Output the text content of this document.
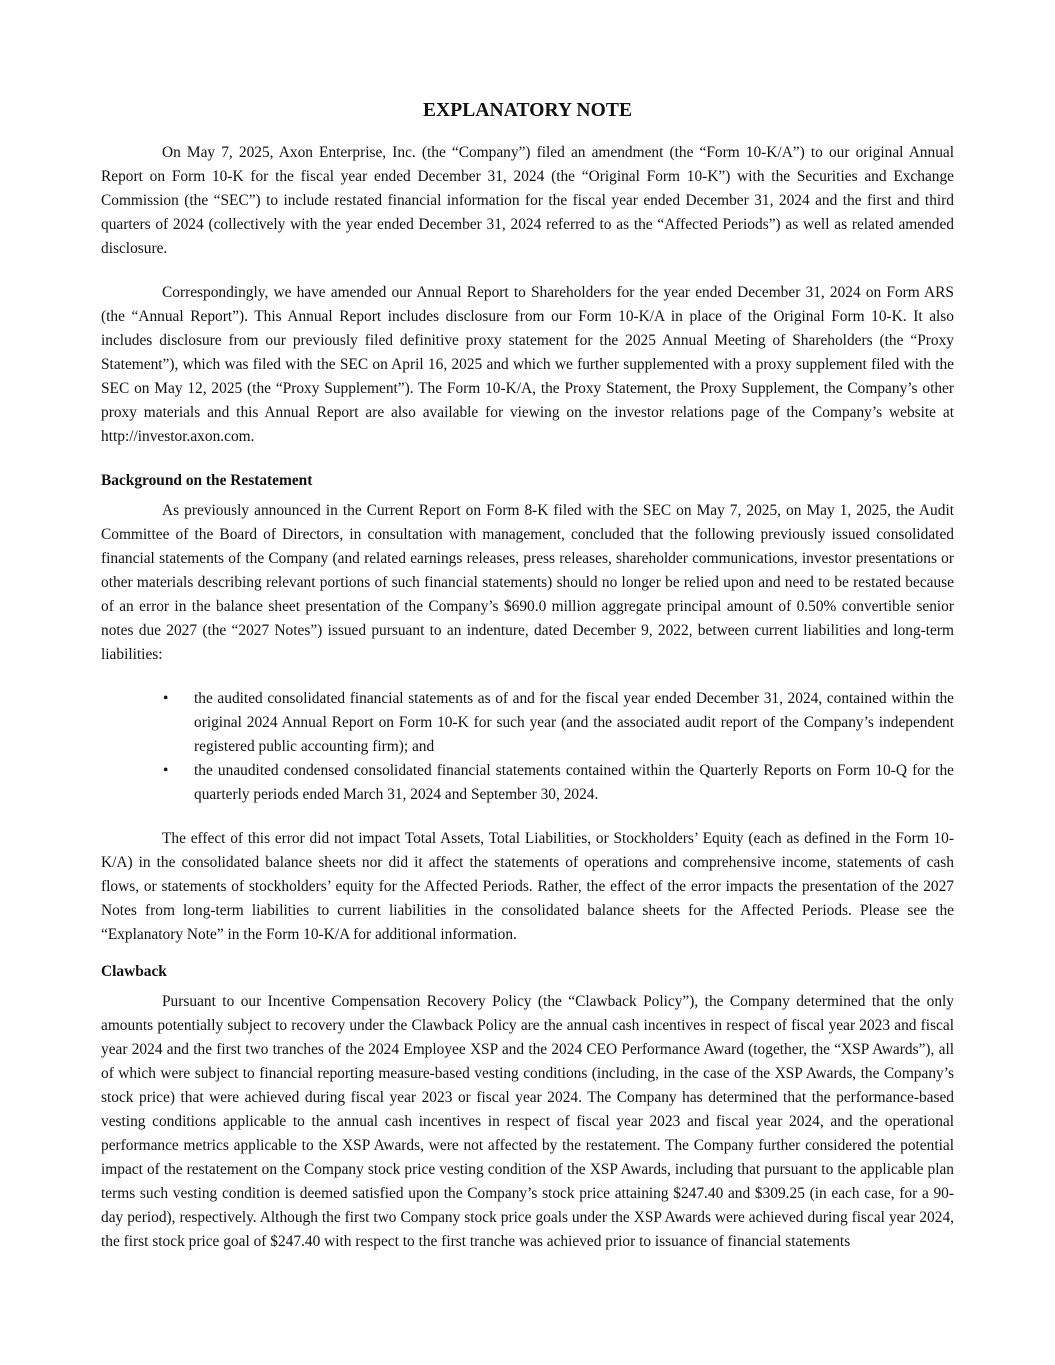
EXPLANATORY NOTE

On May 7, 2025, Axon Enterprise, Inc. (the “Company”) filed an amendment (the “Form 10-K/A”) to our original Annual Report on Form 10-K for the fiscal year ended December 31, 2024 (the “Original Form 10-K”) with the Securities and Exchange Commission (the “SEC”) to include restated financial information for the fiscal year ended December 31, 2024 and the first and third quarters of 2024 (collectively with the year ended December 31, 2024 referred to as the “Affected Periods”) as well as related amended disclosure.

Correspondingly, we have amended our Annual Report to Shareholders for the year ended December 31, 2024 on Form ARS (the “Annual Report”). This Annual Report includes disclosure from our Form 10-K/A in place of the Original Form 10-K. It also includes disclosure from our previously filed definitive proxy statement for the 2025 Annual Meeting of Shareholders (the “Proxy Statement”), which was filed with the SEC on April 16, 2025 and which we further supplemented with a proxy supplement filed with the SEC on May 12, 2025 (the “Proxy Supplement”). The Form 10-K/A, the Proxy Statement, the Proxy Supplement, the Company’s other proxy materials and this Annual Report are also available for viewing on the investor relations page of the Company’s website at http://investor.axon.com.

Background on the Restatement

As previously announced in the Current Report on Form 8-K filed with the SEC on May 7, 2025, on May 1, 2025, the Audit Committee of the Board of Directors, in consultation with management, concluded that the following previously issued consolidated financial statements of the Company (and related earnings releases, press releases, shareholder communications, investor presentations or other materials describing relevant portions of such financial statements) should no longer be relied upon and need to be restated because of an error in the balance sheet presentation of the Company’s $690.0 million aggregate principal amount of 0.50% convertible senior notes due 2027 (the “2027 Notes”) issued pursuant to an indenture, dated December 9, 2022, between current liabilities and long-term liabilities:

• the audited consolidated financial statements as of and for the fiscal year ended December 31, 2024, contained within the original 2024 Annual Report on Form 10-K for such year (and the associated audit report of the Company’s independent registered public accounting firm); and
• the unaudited condensed consolidated financial statements contained within the Quarterly Reports on Form 10-Q for the quarterly periods ended March 31, 2024 and September 30, 2024.

The effect of this error did not impact Total Assets, Total Liabilities, or Stockholders’ Equity (each as defined in the Form 10-K/A) in the consolidated balance sheets nor did it affect the statements of operations and comprehensive income, statements of cash flows, or statements of stockholders’ equity for the Affected Periods. Rather, the effect of the error impacts the presentation of the 2027 Notes from long-term liabilities to current liabilities in the consolidated balance sheets for the Affected Periods. Please see the “Explanatory Note” in the Form 10-K/A for additional information.

Clawback

Pursuant to our Incentive Compensation Recovery Policy (the “Clawback Policy”), the Company determined that the only amounts potentially subject to recovery under the Clawback Policy are the annual cash incentives in respect of fiscal year 2023 and fiscal year 2024 and the first two tranches of the 2024 Employee XSP and the 2024 CEO Performance Award (together, the “XSP Awards”), all of which were subject to financial reporting measure-based vesting conditions (including, in the case of the XSP Awards, the Company’s stock price) that were achieved during fiscal year 2023 or fiscal year 2024. The Company has determined that the performance-based vesting conditions applicable to the annual cash incentives in respect of fiscal year 2023 and fiscal year 2024, and the operational performance metrics applicable to the XSP Awards, were not affected by the restatement. The Company further considered the potential impact of the restatement on the Company stock price vesting condition of the XSP Awards, including that pursuant to the applicable plan terms such vesting condition is deemed satisfied upon the Company’s stock price attaining $247.40 and $309.25 (in each case, for a 90-day period), respectively. Although the first two Company stock price goals under the XSP Awards were achieved during fiscal year 2024, the first stock price goal of $247.40 with respect to the first tranche was achieved prior to issuance of financial statements
